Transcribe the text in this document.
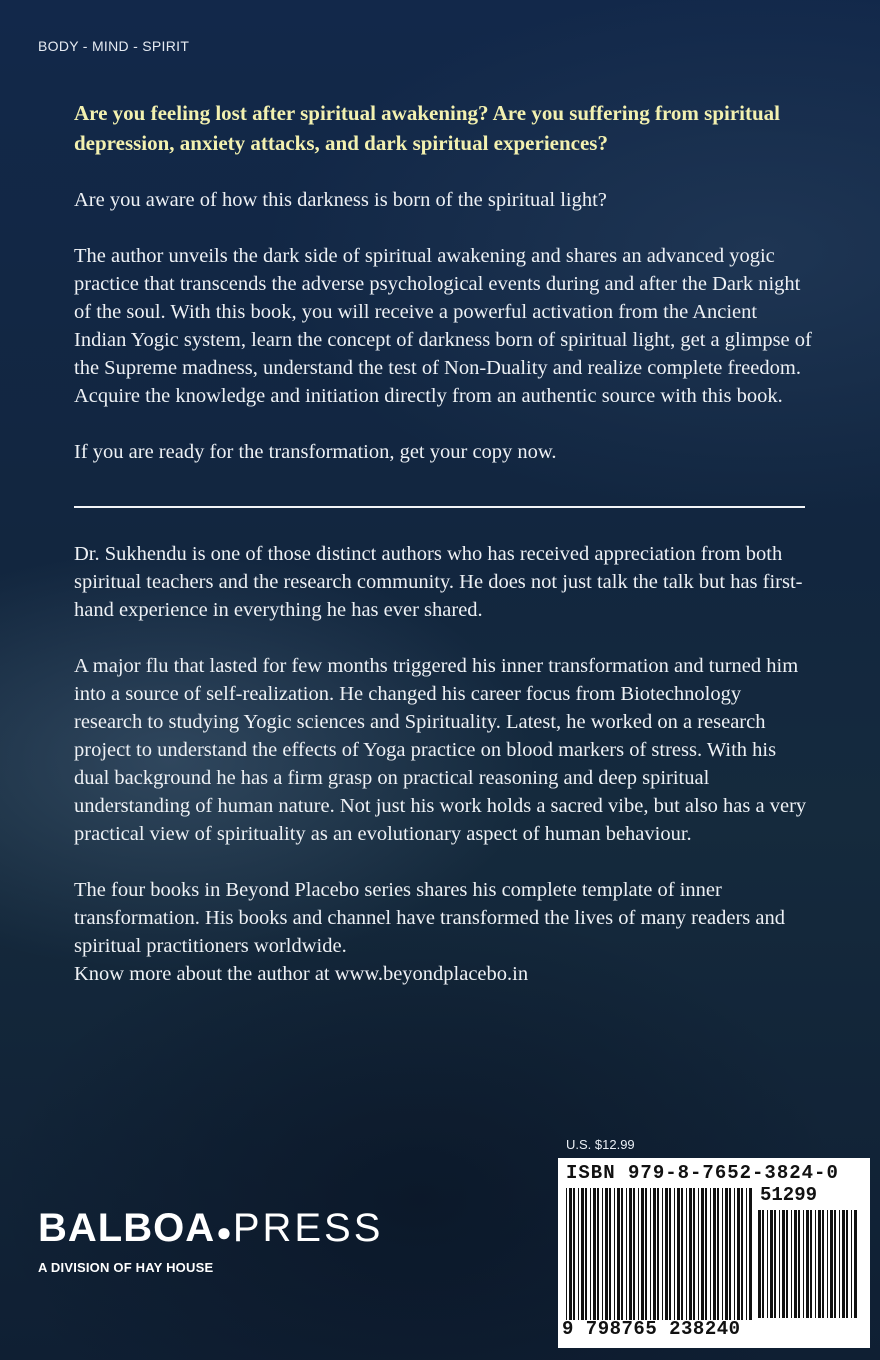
BODY - MIND - SPIRIT

Are you feeling lost after spiritual awakening? Are you suffering from spiritual depression, anxiety attacks, and dark spiritual experiences?

Are you aware of how this darkness is born of the spiritual light?

The author unveils the dark side of spiritual awakening and shares an advanced yogic practice that transcends the adverse psychological events during and after the Dark night of the soul. With this book, you will receive a powerful activation from the Ancient Indian Yogic system, learn the concept of darkness born of spiritual light, get a glimpse of the Supreme madness, understand the test of Non-Duality and realize complete freedom.

Acquire the knowledge and initiation directly from an authentic source with this book.

If you are ready for the transformation, get your copy now.

Dr. Sukhendu is one of those distinct authors who has received appreciation from both spiritual teachers and the research community. He does not just talk the talk but has first-hand experience in everything he has ever shared.

A major flu that lasted for few months triggered his inner transformation and turned him into a source of self-realization. He changed his career focus from Biotechnology research to studying Yogic sciences and Spirituality. Latest, he worked on a research project to understand the effects of Yoga practice on blood markers of stress. With his dual background he has a firm grasp on practical reasoning and deep spiritual understanding of human nature. Not just his work holds a sacred vibe, but also has a very practical view of spirituality as an evolutionary aspect of human behaviour.

The four books in Beyond Placebo series shares his complete template of inner transformation. His books and channel have transformed the lives of many readers and spiritual practitioners worldwide.

Know more about the author at www.beyondplacebo.in

U.S. $12.99
ISBN 979-8-7652-3824-0
51299
9 798765 238240
BALBOA●PRESS
A DIVISION OF HAY HOUSE
